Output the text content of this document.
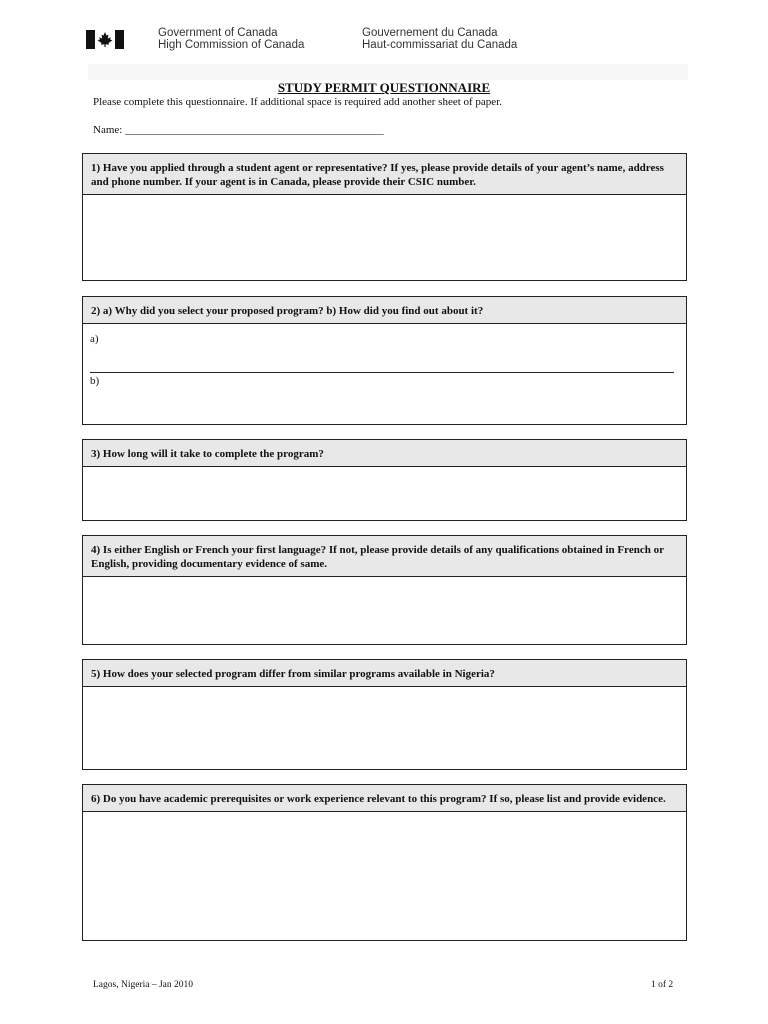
Government of Canada
High Commission of Canada
Gouvernement du Canada
Haut-commissariat du Canada
STUDY PERMIT QUESTIONNAIRE
Please complete this questionnaire. If additional space is required add another sheet of paper.
Name: _______________________________________________
1) Have you applied through a student agent or representative? If yes, please provide details of your agent’s name, address and phone number. If your agent is in Canada, please provide their CSIC number.
2) a) Why did you select your proposed program? b) How did you find out about it?
a)
b)
3) How long will it take to complete the program?
4) Is either English or French your first language? If not, please provide details of any qualifications obtained in French or English, providing documentary evidence of same.
5) How does your selected program differ from similar programs available in Nigeria?
6) Do you have academic prerequisites or work experience relevant to this program? If so, please list and provide evidence.
Lagos, Nigeria – Jan 2010	1 of 2
